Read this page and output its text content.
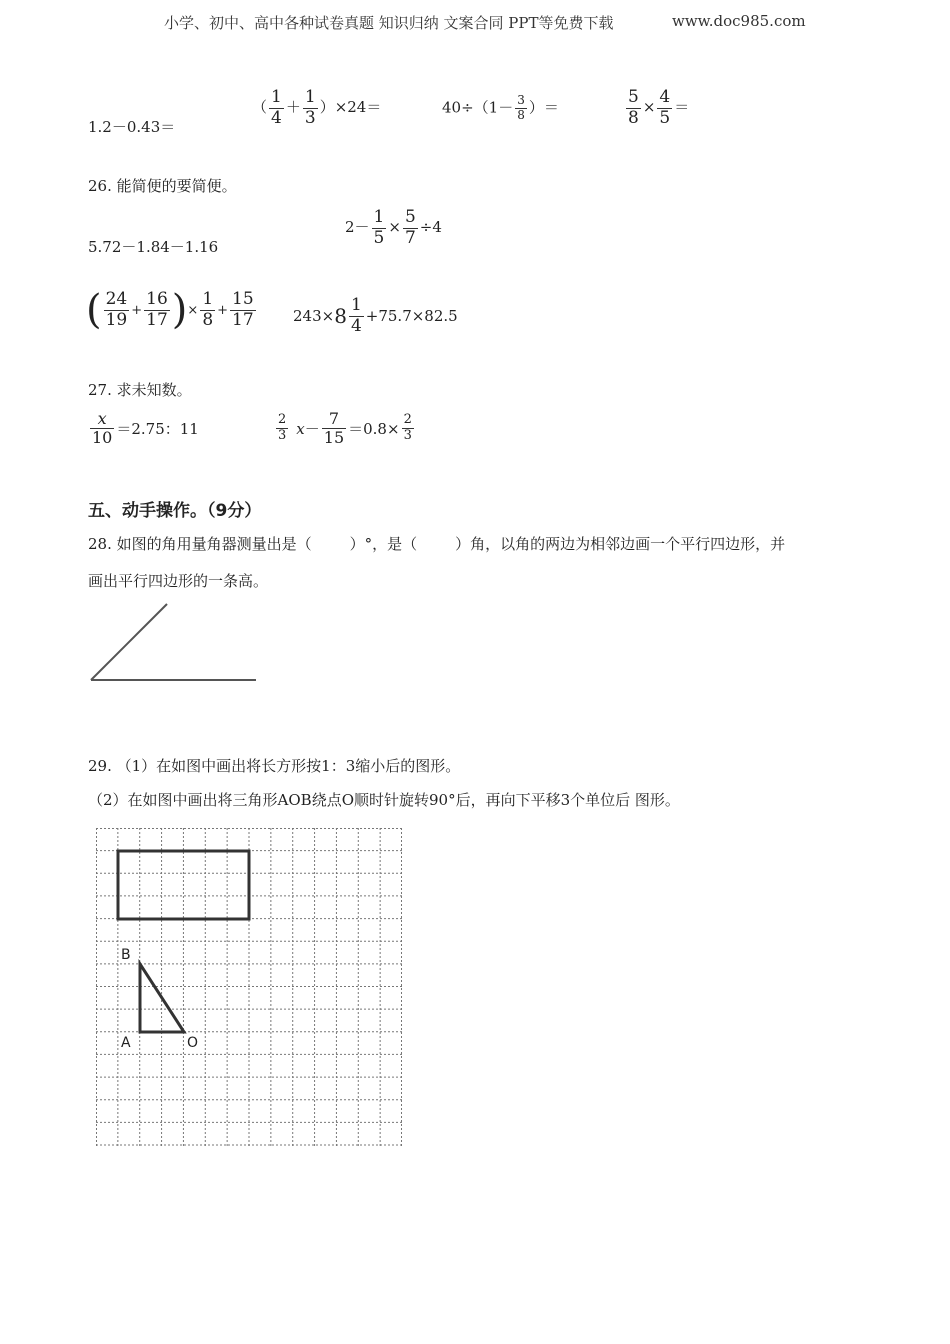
小学、初中、高中各种试卷真题 知识归纳 文案合同 PPT等免费下载	www.doc985.com
1.2－0.43＝
（ $\frac{1}{4} + \frac{1}{3} )\times 24=$	$40\div(1- \frac{3}{8}$ ）＝	$\frac{5}{8} \times \frac{4}{5}$ ＝
26. 能简便的要简便。
5.72－1.84－1.16
$2- \frac{1}{5} \times \frac{5}{7} \div 4$
( 24
$19 + \frac{16}{17}$ ) × $\frac{1}{8} + \frac{15}{17} 243\times 8$ 1
4 +75.7×82.5
27. 求未知数。
x
10 ＝2.75：11
2
3 x －
7
$15 =0.8\times \frac{2}{3}$
五、动手操作。（9分）
28. 如图的角用量角器测量出是（	）°，是（	）角，以角的两边为相邻边画一个平行四边形，并
画出平行四边形的一条高。
29. （1）在如图中画出将长方形按1：3缩小后的图形。
（2）在如图中画出将三角形AOB绕点O顺时针旋转90°后，再向下平移3个单位后 图形。
B
A	O
